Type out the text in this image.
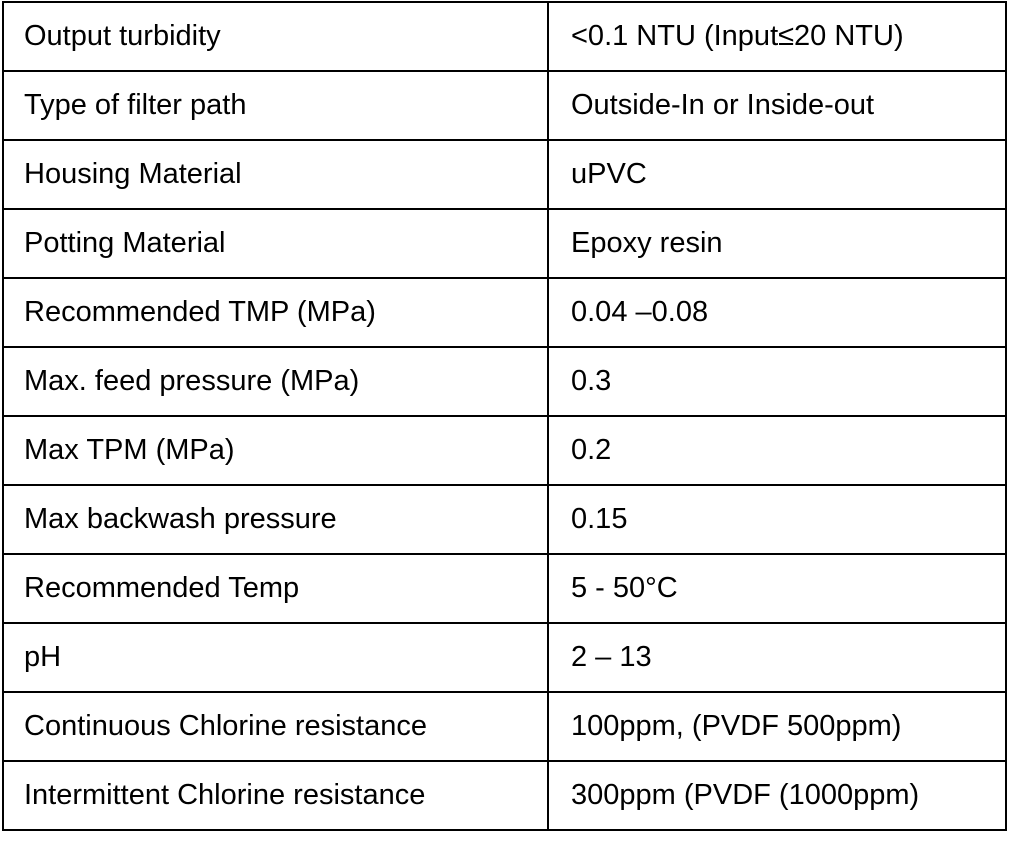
Output turbidity	<0.1 NTU (Input≤20 NTU)
Type of filter path	Outside-In or Inside-out
Housing Material	uPVC
Potting Material	Epoxy resin
Recommended TMP (MPa)	0.04 –0.08
Max. feed pressure (MPa)	0.3
Max TPM (MPa)	0.2
Max backwash pressure	0.15
Recommended Temp	5 - 50°C
pH	2 – 13
Continuous Chlorine resistance	100ppm, (PVDF 500ppm)
Intermittent Chlorine resistance	300ppm (PVDF (1000ppm)
